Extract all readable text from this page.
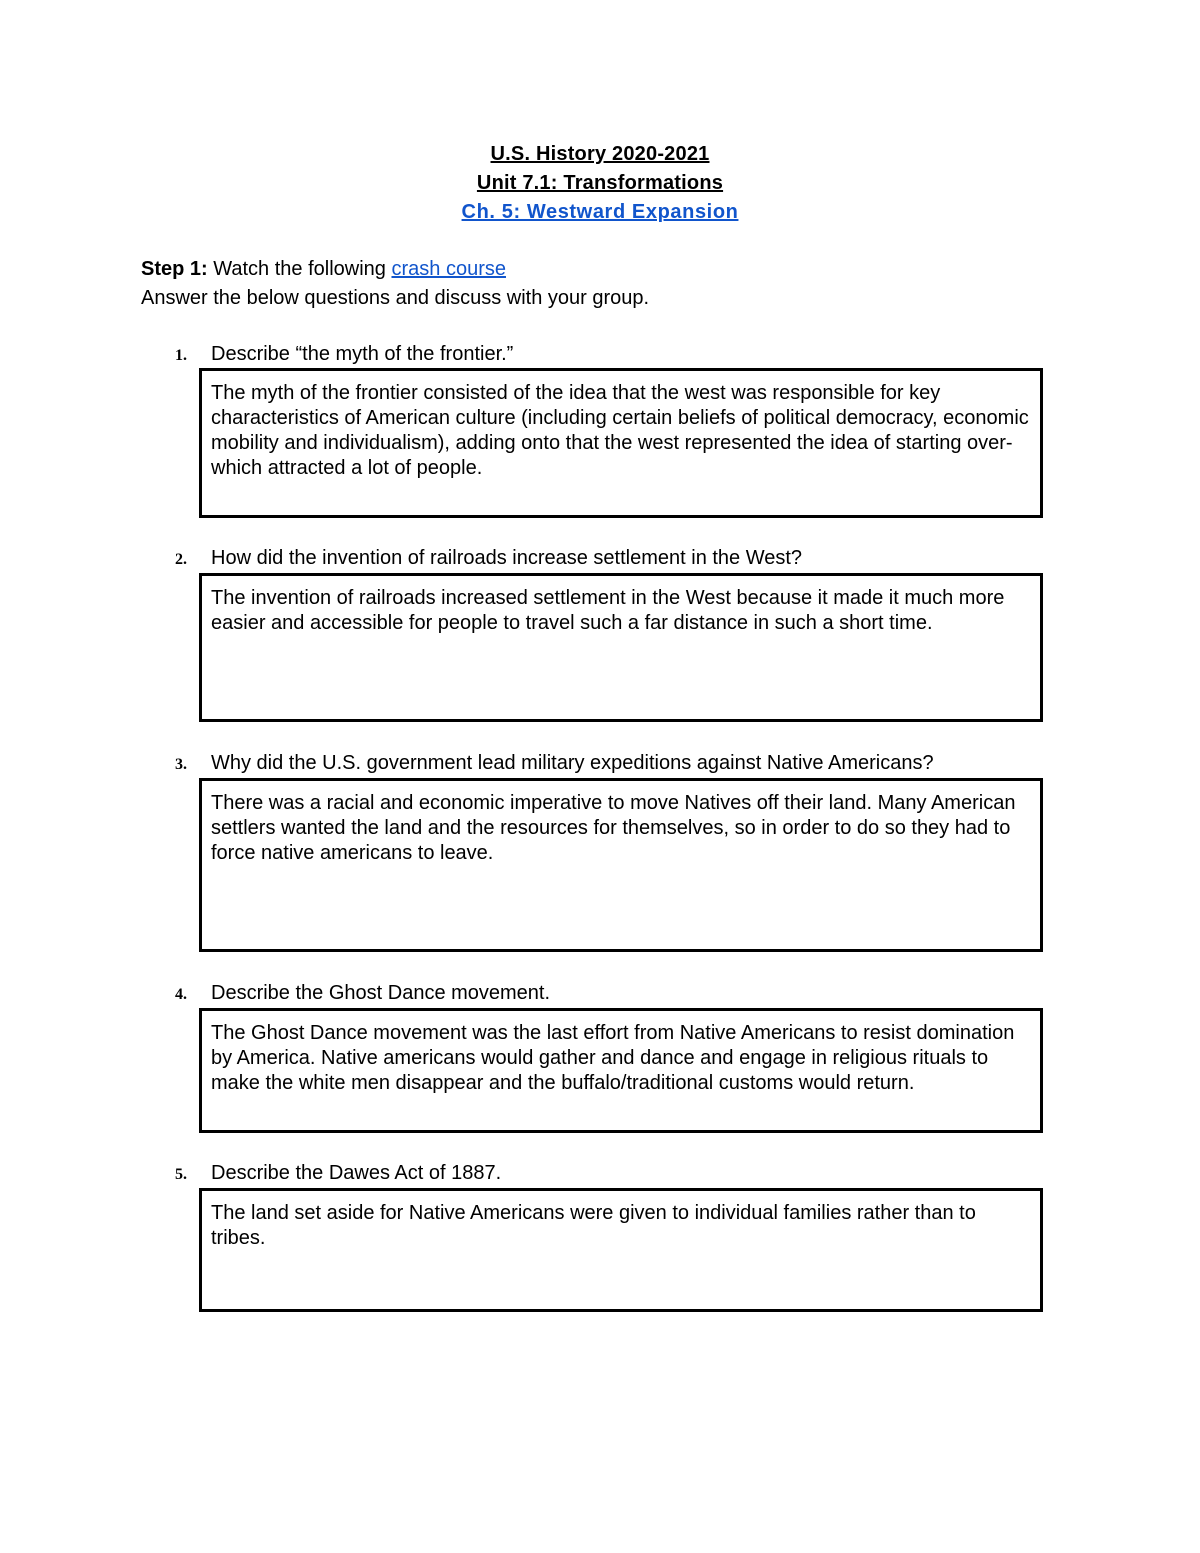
U.S. History 2020-2021
Unit 7.1: Transformations
Ch. 5: Westward Expansion
Step 1: Watch the following crash course
Answer the below questions and discuss with your group.
1. Describe “the myth of the frontier.”
The myth of the frontier consisted of the idea that the west was responsible for key characteristics of American culture (including certain beliefs of political democracy, economic mobility and individualism), adding onto that the west represented the idea of starting over-which attracted a lot of people.
2. How did the invention of railroads increase settlement in the West?
The invention of railroads increased settlement in the West because it made it much more easier and accessible for people to travel such a far distance in such a short time.
3. Why did the U.S. government lead military expeditions against Native Americans?
There was a racial and economic imperative to move Natives off their land. Many American settlers wanted the land and the resources for themselves, so in order to do so they had to force native americans to leave.
4. Describe the Ghost Dance movement.
The Ghost Dance movement was the last effort from Native Americans to resist domination by America. Native americans would gather and dance and engage in religious rituals to make the white men disappear and the buffalo/traditional customs would return.
5. Describe the Dawes Act of 1887.
The land set aside for Native Americans were given to individual families rather than to tribes.
